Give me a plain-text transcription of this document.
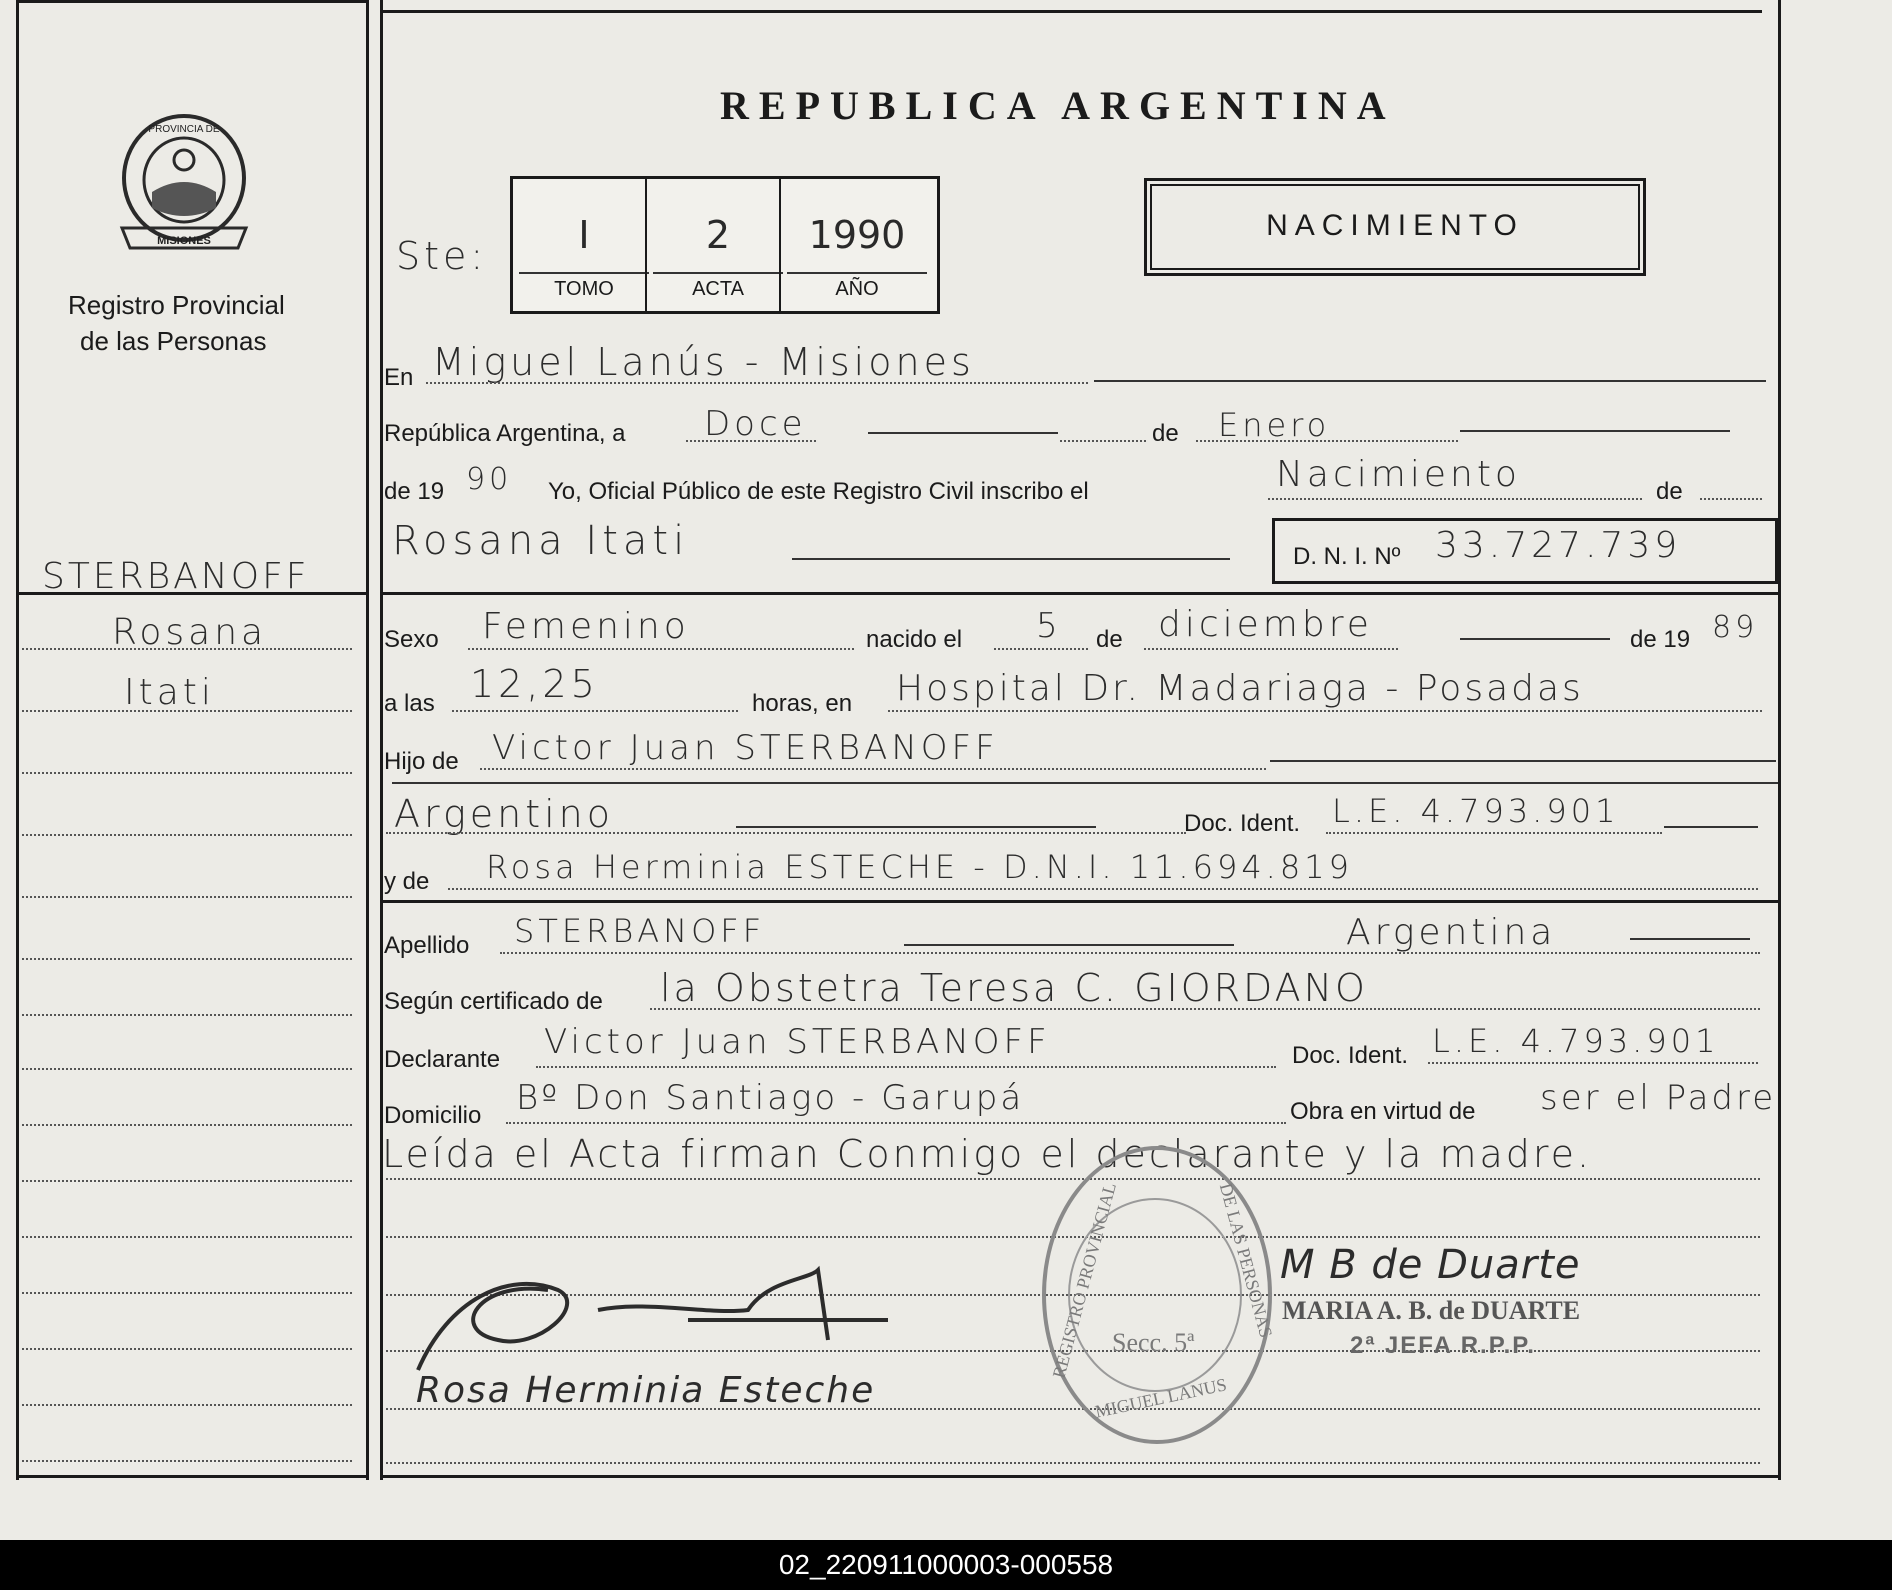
PROVINCIA DE
MISIONES
Registro Provincial
de las Personas
STERBANOFF
Rosana
Itati
REPUBLICA ARGENTINA
Ste:	I
TOMO
2
ACTA
1990
AÑO
NACIMIENTO
En Miguel Lanús - Misiones
República Argentina, a Doce	de Enero
de 19 90 Yo, Oficial Público de este Registro Civil inscribo el	Nacimiento	de
Rosana Itati	D. N. I. Nº 33.727.739
Sexo Femenino	nacido el 5 de diciembre	de 19 89
a las 12,25	horas, en Hospital Dr. Madariaga - Posadas
Hijo de Victor Juan STERBANOFF
Argentino	Doc. Ident. L.E. 4.793.901
y de Rosa Herminia ESTECHE - D.N.I. 11.694.819
Apellido STERBANOFF	Argentina
Según certificado de la Obstetra Teresa C. GIORDANO
Declarante Victor Juan STERBANOFF	Doc. Ident. L.E. 4.793.901
Domicilio Bº Don Santiago - Garupá	Obra en virtud de ser el Padre
Leída el Acta firman Conmigo el declarante y la madre.
Rosa Herminia Esteche
REGISTRO PROVINCIAL	DE LAS PERSONAS
Secc. 5ª
MIGUEL LANUS
M B de Duarte
MARIA A. B. de DUARTE
2ª JEFA R.P.P.
02_220911000003-000558
